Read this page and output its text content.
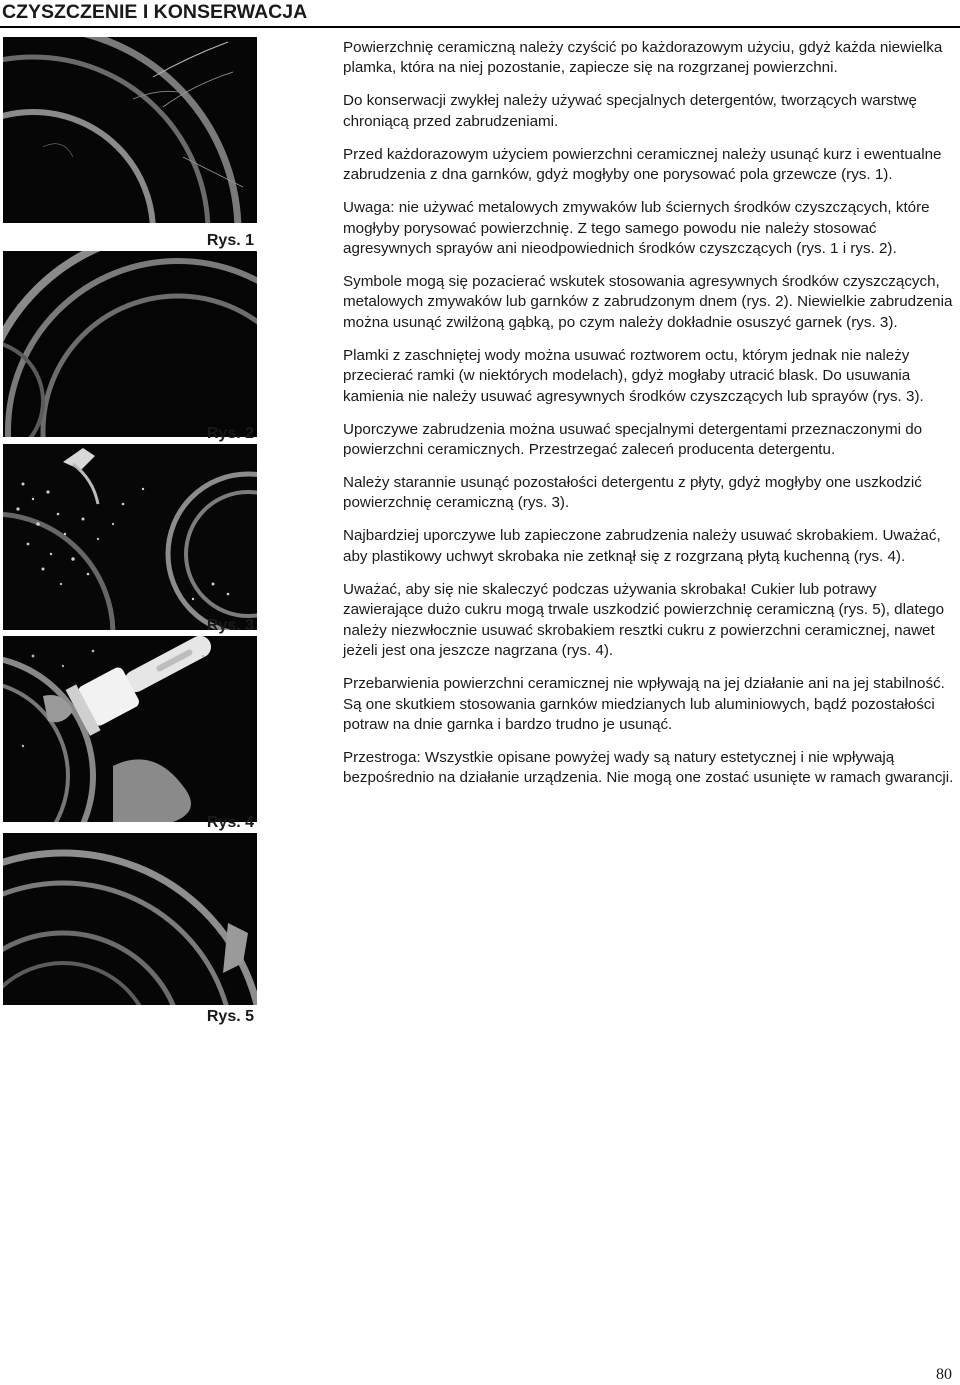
CZYSZCZENIE I KONSERWACJA
Rys. 1
Rys. 2
Rys. 3
Rys. 4
Rys. 5

Powierzchnię ceramiczną należy czyścić po każdorazowym użyciu, gdyż każda niewielka plamka, która na niej pozostanie, zapiecze się na rozgrzanej powierzchni.

Do konserwacji zwykłej należy używać specjalnych detergentów, tworzących warstwę chroniącą przed zabrudzeniami.

Przed każdorazowym użyciem powierzchni ceramicznej należy usunąć kurz i ewentualne zabrudzenia z dna garnków, gdyż mogłyby one porysować pola grzewcze (rys. 1).

Uwaga: nie używać metalowych zmywaków lub ściernych środków czyszczących, które mogłyby porysować powierzchnię. Z tego samego powodu nie należy stosować agresywnych sprayów ani nieodpowiednich środków czyszczących (rys. 1 i rys. 2).

Symbole mogą się pozacierać wskutek stosowania agresywnych środków czyszczących, metalowych zmywaków lub garnków z zabrudzonym dnem (rys. 2). Niewielkie zabrudzenia można usunąć zwilżoną gąbką, po czym należy dokładnie osuszyć garnek (rys. 3).

Plamki z zaschniętej wody można usuwać roztworem octu, którym jednak nie należy przecierać ramki (w niektórych modelach), gdyż mogłaby utracić blask. Do usuwania kamienia nie należy usuwać agresywnych środków czyszczących lub sprayów (rys. 3).

Uporczywe zabrudzenia można usuwać specjalnymi detergentami przeznaczonymi do powierzchni ceramicznych. Przestrzegać zaleceń producenta detergentu.

Należy starannie usunąć pozostałości detergentu z płyty, gdyż mogłyby one uszkodzić powierzchnię ceramiczną (rys. 3).

Najbardziej uporczywe lub zapieczone zabrudzenia należy usuwać skrobakiem. Uważać, aby plastikowy uchwyt skrobaka nie zetknął się z rozgrzaną płytą kuchenną (rys. 4).

Uważać, aby się nie skaleczyć podczas używania skrobaka! Cukier lub potrawy zawierające dużo cukru mogą trwale uszkodzić powierzchnię ceramiczną (rys. 5), dlatego należy niezwłocznie usuwać skrobakiem resztki cukru z powierzchni ceramicznej, nawet jeżeli jest ona jeszcze nagrzana (rys. 4).

Przebarwienia powierzchni ceramicznej nie wpływają na jej działanie ani na jej stabilność. Są one skutkiem stosowania garnków miedzianych lub aluminiowych, bądź pozostałości potraw na dnie garnka i bardzo trudno je usunąć.

Przestroga: Wszystkie opisane powyżej wady są natury estetycznej i nie wpływają bezpośrednio na działanie urządzenia. Nie mogą one zostać usunięte w ramach gwarancji.

80
